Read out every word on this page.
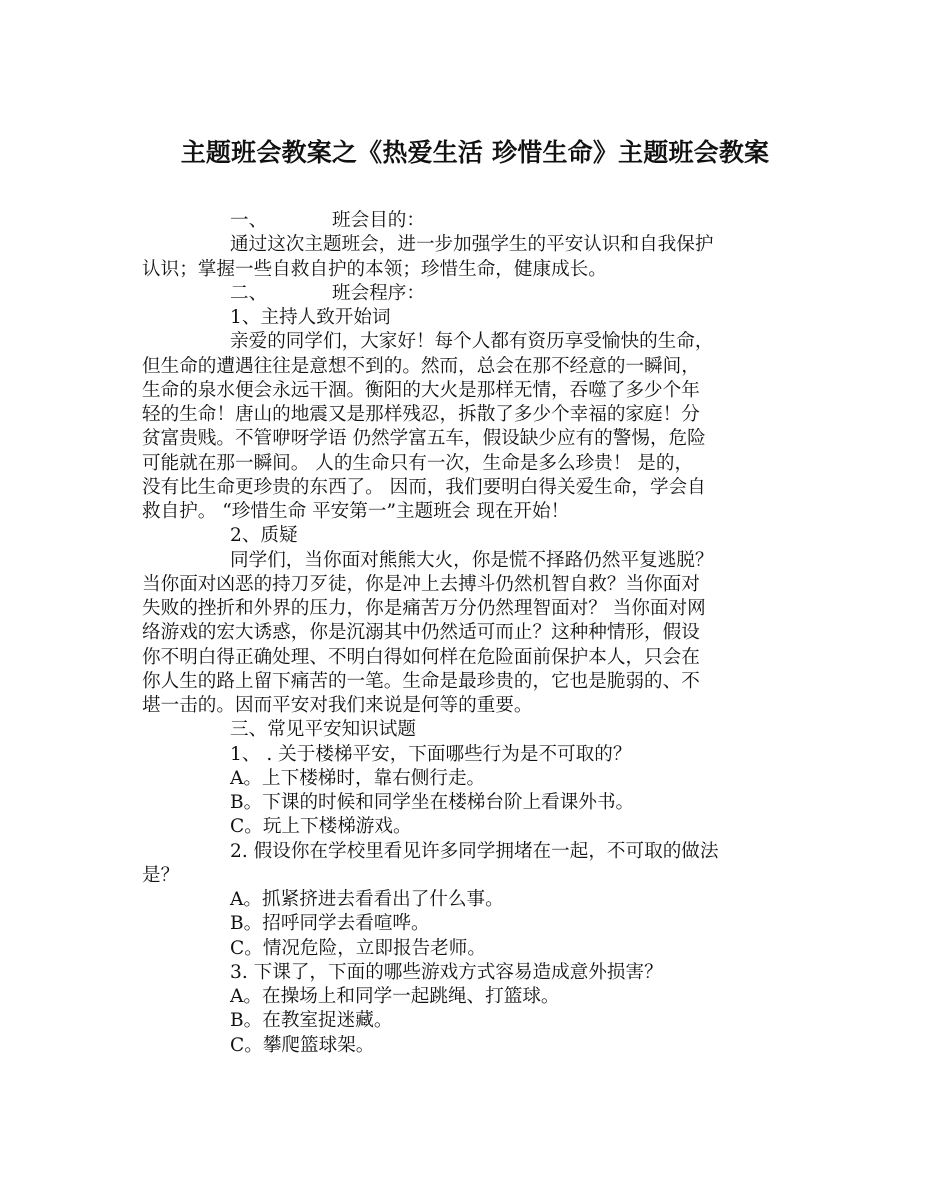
主题班会教案之《热爱生活 珍惜生命》主题班会教案
一、	班会目的：
通过这次主题班会，进一步加强学生的平安认识和自我保护
认识；掌握一些自救自护的本领；珍惜生命，健康成长。
二、	班会程序：
1、主持人致开始词
亲爱的同学们，大家好！每个人都有资历享受愉快的生命，
但生命的遭遇往往是意想不到的。然而，总会在那不经意的一瞬间，
生命的泉水便会永远干涸。衡阳的大火是那样无情，吞噬了多少个年
轻的生命！唐山的地震又是那样残忍，拆散了多少个幸福的家庭！分
贫富贵贱。不管咿呀学语 仍然学富五车，假设缺少应有的警惕，危险
可能就在那一瞬间。 人的生命只有一次，生命是多么珍贵！ 是的，
没有比生命更珍贵的东西了。 因而，我们要明白得关爱生命，学会自
救自护。 “珍惜生命 平安第一”主题班会 现在开始！
2、质疑
同学们，当你面对熊熊大火，你是慌不择路仍然平复逃脱？
当你面对凶恶的持刀歹徒，你是冲上去搏斗仍然机智自救？当你面对
失败的挫折和外界的压力，你是痛苦万分仍然理智面对？ 当你面对网
络游戏的宏大诱惑，你是沉溺其中仍然适可而止？这种种情形，假设
你不明白得正确处理、不明白得如何样在危险面前保护本人，只会在
你人生的路上留下痛苦的一笔。生命是最珍贵的，它也是脆弱的、不
堪一击的。因而平安对我们来说是何等的重要。
三、常见平安知识试题
1、 . 关于楼梯平安，下面哪些行为是不可取的？
A。上下楼梯时，靠右侧行走。
B。下课的时候和同学坐在楼梯台阶上看课外书。
C。玩上下楼梯游戏。
2. 假设你在学校里看见许多同学拥堵在一起，不可取的做法
是？
A。抓紧挤进去看看出了什么事。
B。招呼同学去看喧哗。
C。情况危险，立即报告老师。
3. 下课了，下面的哪些游戏方式容易造成意外损害？
A。在操场上和同学一起跳绳、打篮球。
B。在教室捉迷藏。
C。攀爬篮球架。
